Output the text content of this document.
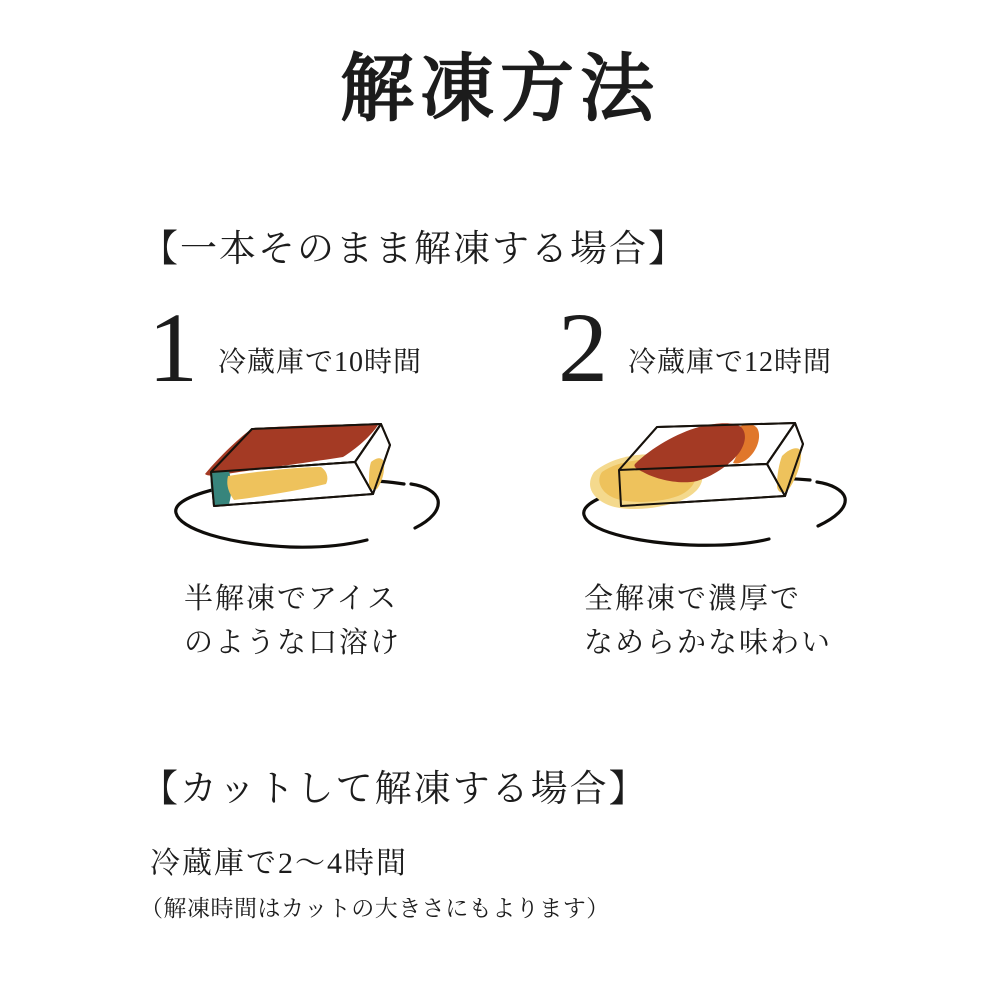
解凍方法
【一本そのまま解凍する場合】
1 冷蔵庫で10時間
半解凍でアイス
のような口溶け
2 冷蔵庫で12時間
全解凍で濃厚で
なめらかな味わい
【カットして解凍する場合】
冷蔵庫で2〜4時間
（解凍時間はカットの大きさにもよります）
